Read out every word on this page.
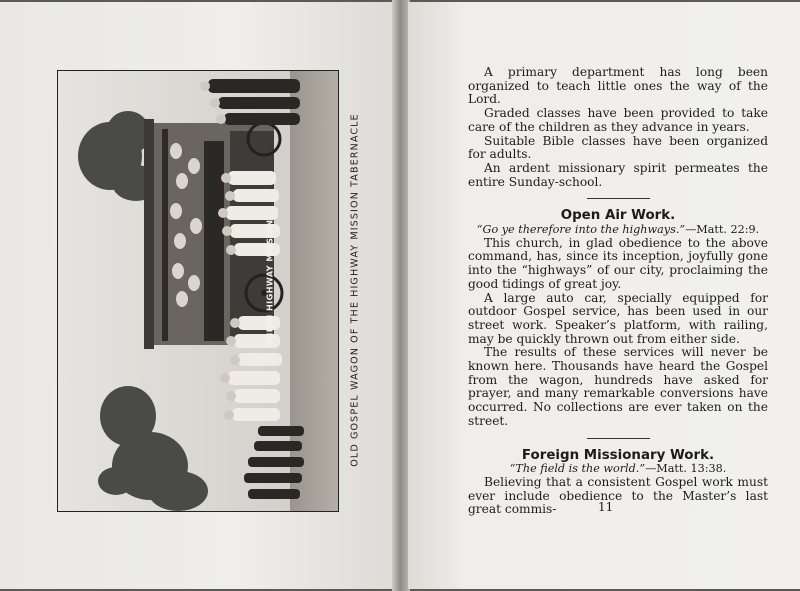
UNION HIGHWAY MISSION	OLD GOSPEL WAGON OF THE HIGHWAY MISSION TABERNACLE

A primary department has long been organized to teach little ones the way of the Lord.

Graded classes have been provided to take care of the children as they advance in years.

Suitable Bible classes have been organized for adults.

An ardent missionary spirit permeates the entire Sunday-school.

Open Air Work.

“Go ye therefore into the highways.”—Matt. 22:9.

This church, in glad obedience to the above command, has, since its inception, joyfully gone into the “highways” of our city, proclaiming the good tidings of great joy.

A large auto car, specially equipped for outdoor Gospel service, has been used in our street work. Speaker’s platform, with railing, may be quickly thrown out from either side.

The results of these services will never be known here. Thousands have heard the Gospel from the wagon, hundreds have asked for prayer, and many remarkable conversions have occurred. No collections are ever taken on the street.

Foreign Missionary Work.

“The field is the world.”—Matt. 13:38.

Believing that a consistent Gospel work must ever include obedience to the Master’s last great commis-	11
